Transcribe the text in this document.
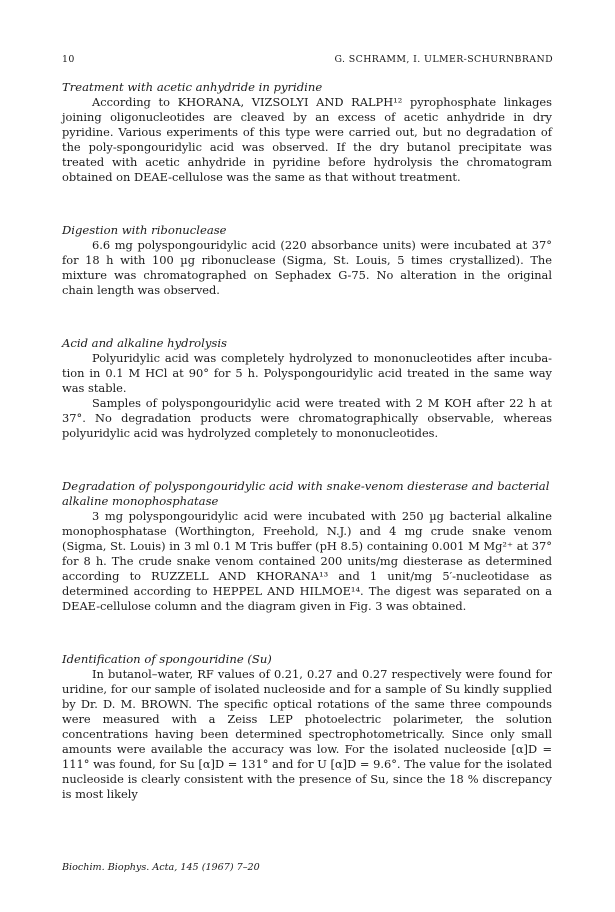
10	G. SCHRAMM, I. ULMER-SCHURNBRAND
Treatment with acetic anhydride in pyridine

According to KHORANA, VIZSOLYI AND RALPH¹² pyrophosphate linkages joining oligonucleotides are cleaved by an excess of acetic anhydride in dry pyridine. Various experiments of this type were carried out, but no degradation of the poly-spongouridylic acid was observed. If the dry butanol precipitate was treated with acetic anhydride in pyridine before hydrolysis the chromatogram obtained on DEAE-cellulose was the same as that without treatment.

Digestion with ribonuclease

6.6 mg polyspongouridylic acid (220 absorbance units) were incubated at 37° for 18 h with 100 µg ribonuclease (Sigma, St. Louis, 5 times crystallized). The mixture was chromatographed on Sephadex G-75. No alteration in the original chain length was observed.

Acid and alkaline hydrolysis

Polyuridylic acid was completely hydrolyzed to mononucleotides after incuba-tion in 0.1 M HCl at 90° for 5 h. Polyspongouridylic acid treated in the same way was stable.

Samples of polyspongouridylic acid were treated with 2 M KOH after 22 h at 37°. No degradation products were chromatographically observable, whereas polyuridylic acid was hydrolyzed completely to mononucleotides.

Degradation of polyspongouridylic acid with snake-venom diesterase and bacterial alkaline monophosphatase

3 mg polyspongouridylic acid were incubated with 250 µg bacterial alkaline monophosphatase (Worthington, Freehold, N.J.) and 4 mg crude snake venom (Sigma, St. Louis) in 3 ml 0.1 M Tris buffer (pH 8.5) containing 0.001 M Mg²⁺ at 37° for 8 h. The crude snake venom contained 200 units/mg diesterase as determined according to RUZZELL AND KHORANA¹³ and 1 unit/mg 5′-nucleotidase as determined according to HEPPEL AND HILMOE¹⁴. The digest was separated on a DEAE-cellulose column and the diagram given in Fig. 3 was obtained.

Identification of spongouridine (Su)

In butanol–water, RF values of 0.21, 0.27 and 0.27 respectively were found for uridine, for our sample of isolated nucleoside and for a sample of Su kindly supplied by Dr. D. M. BROWN. The specific optical rotations of the same three compounds were measured with a Zeiss LEP photoelectric polarimeter, the solution concentrations having been determined spectrophotometrically. Since only small amounts were available the accuracy was low. For the isolated nucleoside [α]D = 111° was found, for Su [α]D = 131° and for U [α]D = 9.6°. The value for the isolated nucleoside is clearly consistent with the presence of Su, since the 18 % discrepancy is most likely

Biochim. Biophys. Acta, 145 (1967) 7–20
